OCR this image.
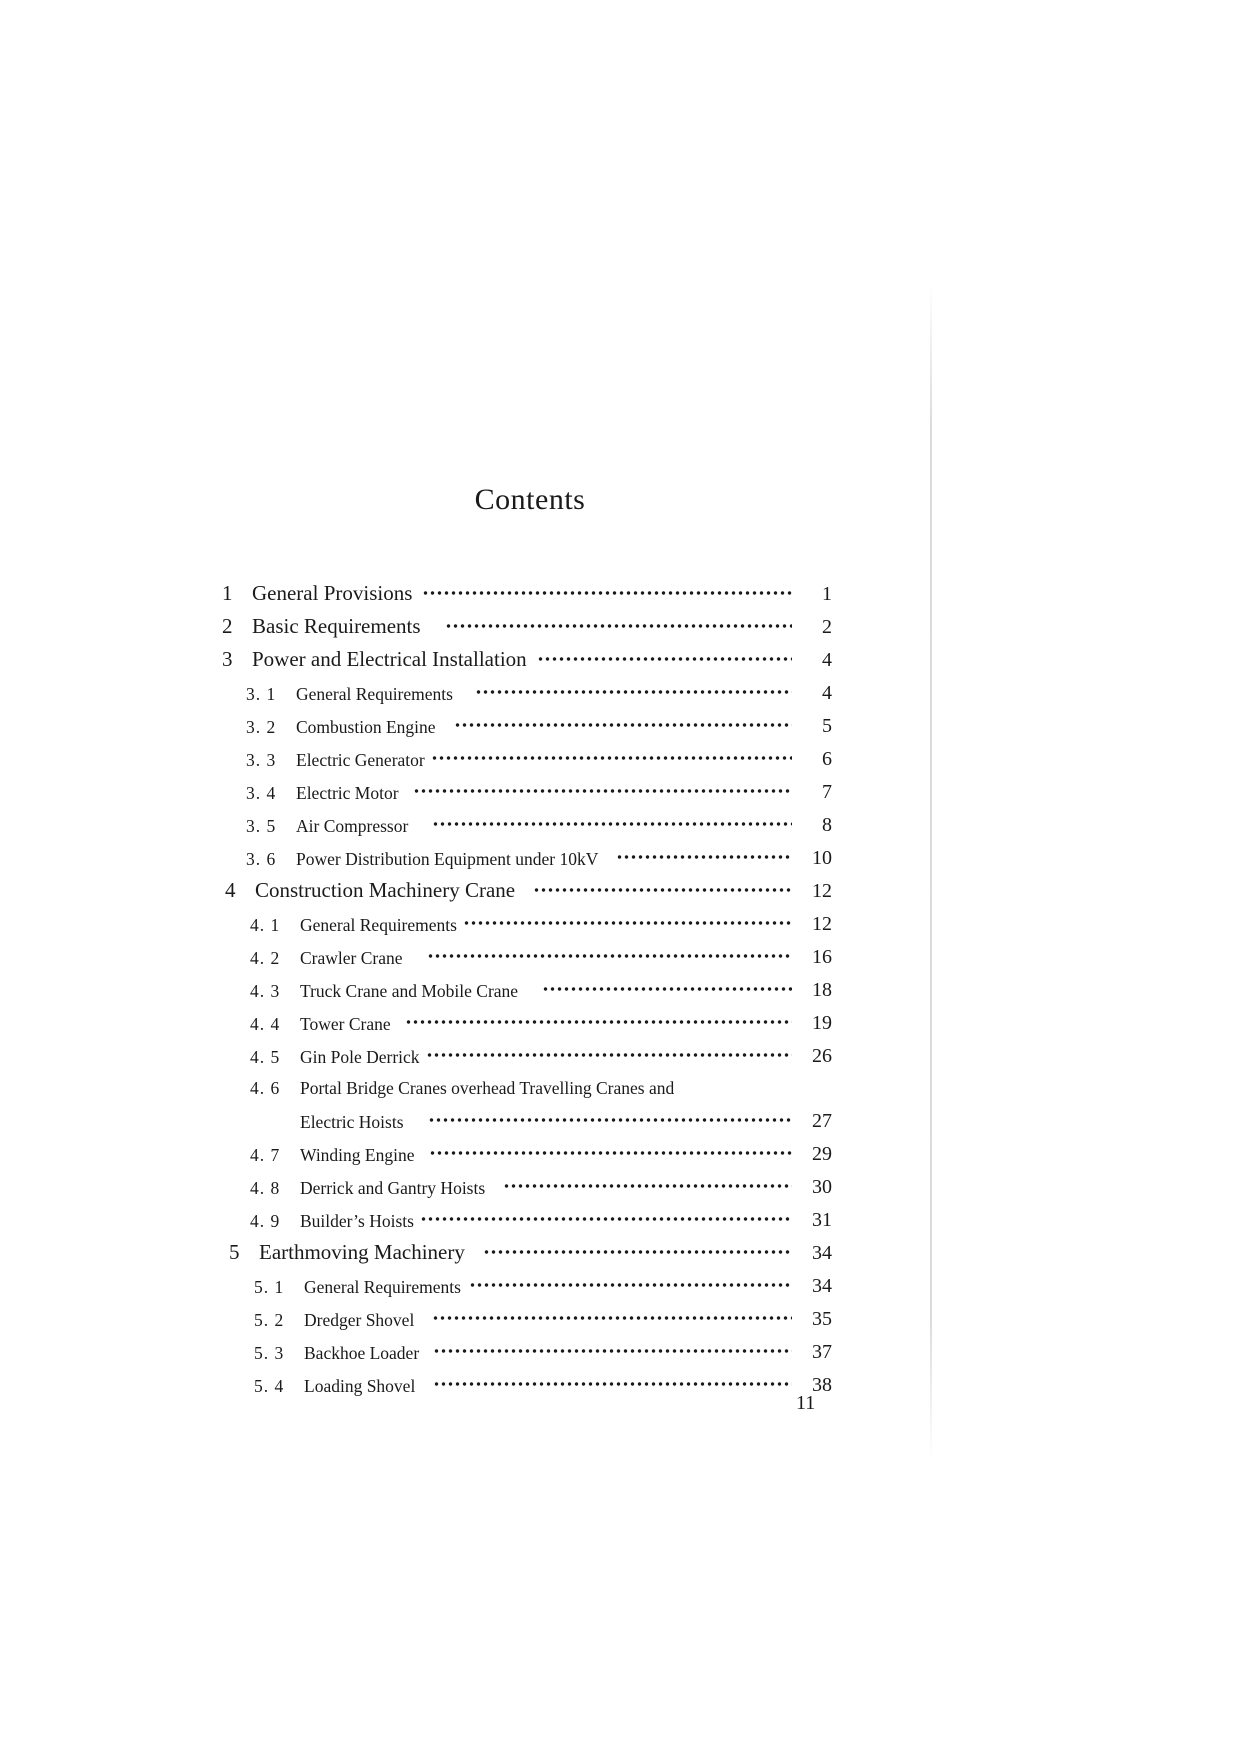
Contents
1 General Provisions	1
2 Basic Requirements	2
3 Power and Electrical Installation	4
3. 1	General Requirements	4
3. 2	Combustion Engine	5
3. 3	Electric Generator	6
3. 4	Electric Motor	7
3. 5	Air Compressor	8
3. 6	Power Distribution Equipment under 10kV	10
4 Construction Machinery Crane	12
4. 1	General Requirements	12
4. 2	Crawler Crane	16
4. 3	Truck Crane and Mobile Crane	18
4. 4	Tower Crane	19
4. 5	Gin Pole Derrick	26
4. 6	Portal Bridge Cranes overhead Travelling Cranes and
Electric Hoists	27
4. 7	Winding Engine	29
4. 8	Derrick and Gantry Hoists	30
4. 9	Builder’s Hoists	31
5 Earthmoving Machinery	34
5. 1	General Requirements	34
5. 2	Dredger Shovel	35
5. 3	Backhoe Loader	37
5. 4	Loading Shovel	38
11
